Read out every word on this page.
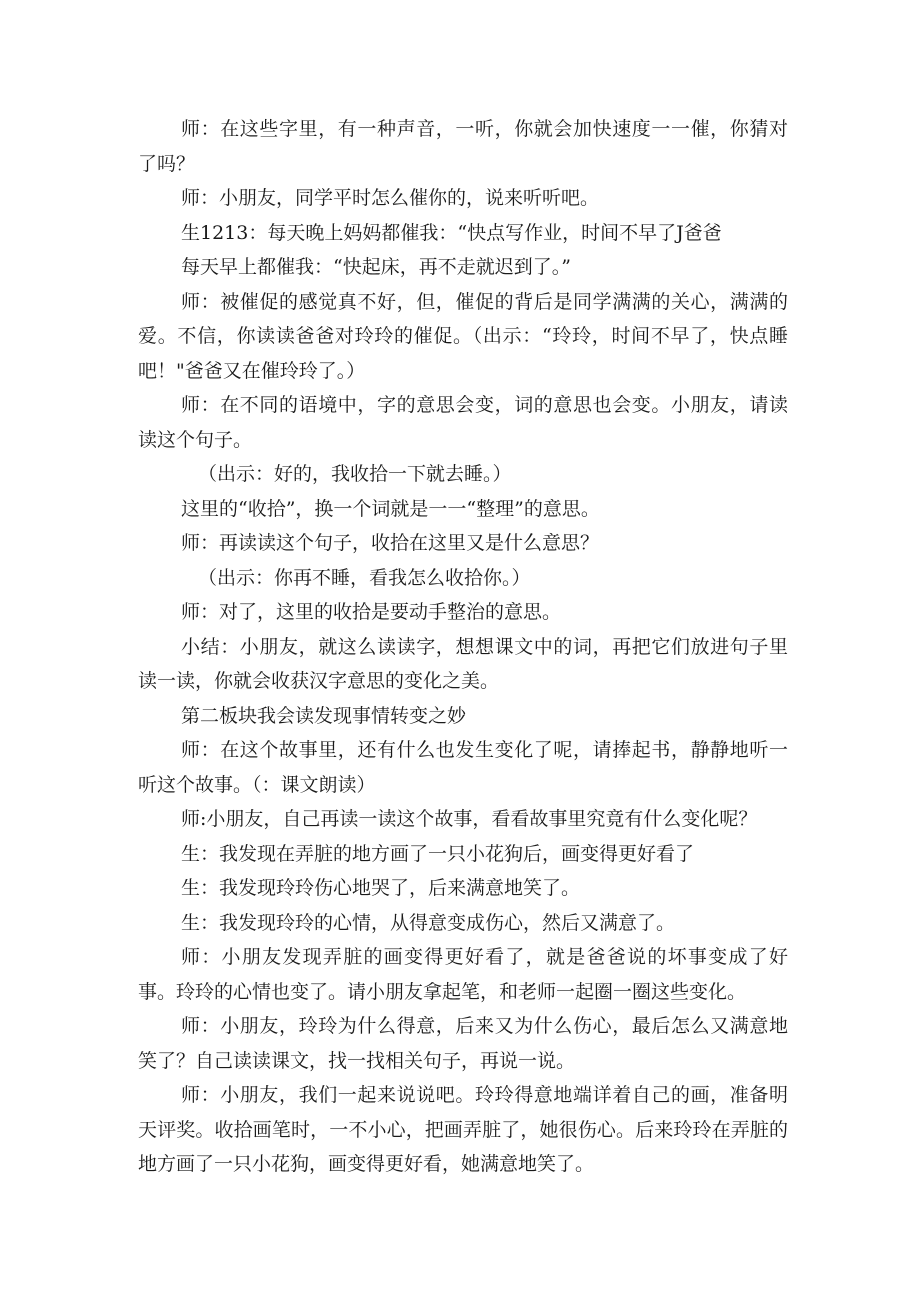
师：在这些字里，有一种声音，一听，你就会加快速度一一催，你猜对了吗？

师：小朋友，同学平时怎么催你的，说来听听吧。

生1213：每天晚上妈妈都催我：“快点写作业，时间不早了J爸爸

每天早上都催我：“快起床，再不走就迟到了。”

师：被催促的感觉真不好，但，催促的背后是同学满满的关心，满满的爱。不信，你读读爸爸对玲玲的催促。（出示：“玲玲，时间不早了，快点睡吧！"爸爸又在催玲玲了。）

师：在不同的语境中，字的意思会变，词的意思也会变。小朋友，请读读这个句子。

（出示：好的，我收拾一下就去睡。）

这里的“收拾”，换一个词就是一一“整理”的意思。

师：再读读这个句子，收拾在这里又是什么意思？

（出示：你再不睡，看我怎么收拾你。）

师：对了，这里的收拾是要动手整治的意思。

小结：小朋友，就这么读读字，想想课文中的词，再把它们放进句子里读一读，你就会收获汉字意思的变化之美。

第二板块我会读发现事情转变之妙

师：在这个故事里，还有什么也发生变化了呢，请捧起书，静静地听一听这个故事。（：课文朗读）

师:小朋友，自己再读一读这个故事，看看故事里究竟有什么变化呢？

生：我发现在弄脏的地方画了一只小花狗后，画变得更好看了

生：我发现玲玲伤心地哭了，后来满意地笑了。

生：我发现玲玲的心情，从得意变成伤心，然后又满意了。

师：小朋友发现弄脏的画变得更好看了，就是爸爸说的坏事变成了好事。玲玲的心情也变了。请小朋友拿起笔，和老师一起圈一圈这些变化。

师：小朋友，玲玲为什么得意，后来又为什么伤心，最后怎么又满意地笑了？自己读读课文，找一找相关句子，再说一说。

师：小朋友，我们一起来说说吧。玲玲得意地端详着自己的画，准备明天评奖。收拾画笔时，一不小心，把画弄脏了，她很伤心。后来玲玲在弄脏的地方画了一只小花狗，画变得更好看，她满意地笑了。
